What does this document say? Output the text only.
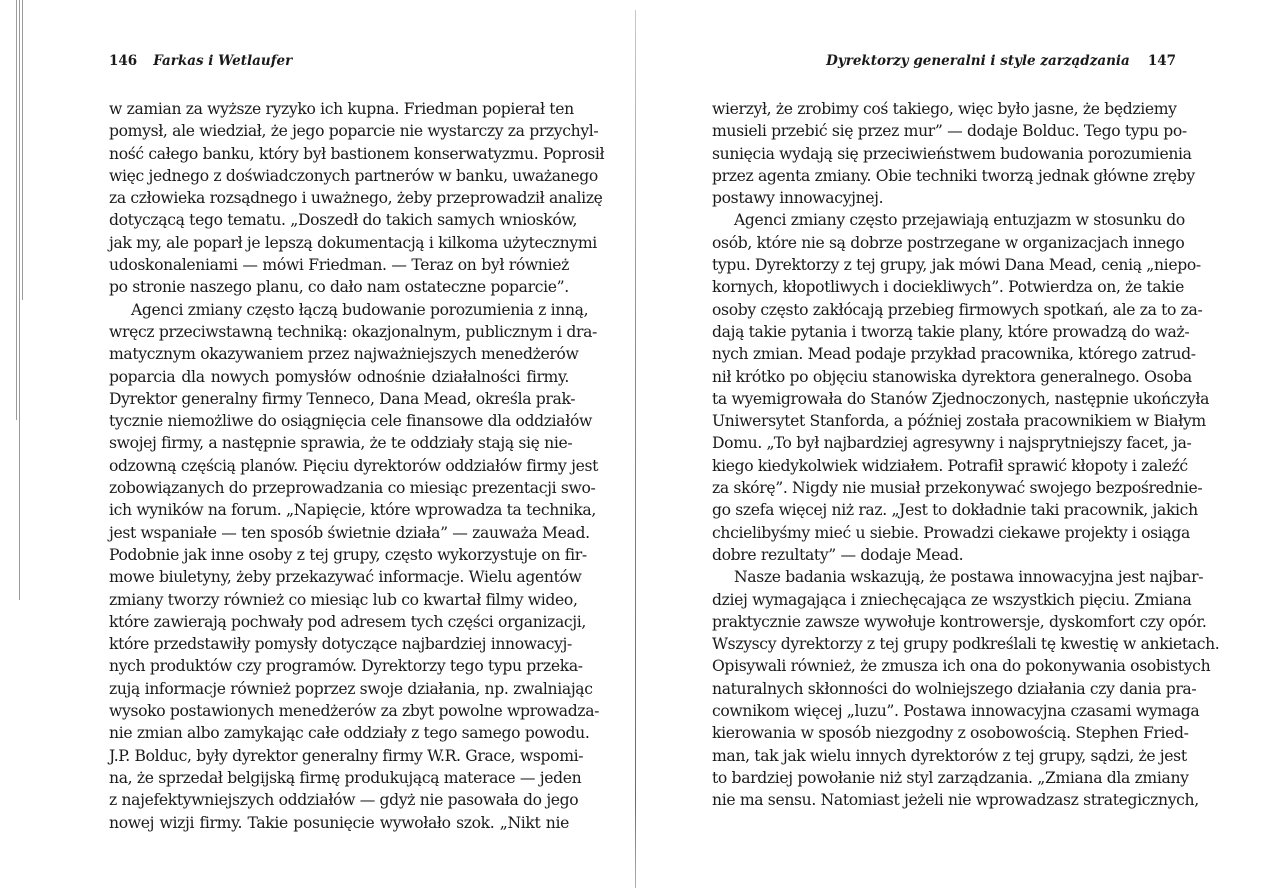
146 Farkas i Wetlaufer
w zamian za wyższe ryzyko ich kupna. Friedman popierał ten
pomysł, ale wiedział, że jego poparcie nie wystarczy za przychyl-
ność całego banku, który był bastionem konserwatyzmu. Poprosił
więc jednego z doświadczonych partnerów w banku, uważanego
za człowieka rozsądnego i uważnego, żeby przeprowadził analizę
dotyczącą tego tematu. „Doszedł do takich samych wniosków,
jak my, ale poparł je lepszą dokumentacją i kilkoma użytecznymi
udoskonaleniami — mówi Friedman. — Teraz on był również
po stronie naszego planu, co dało nam ostateczne poparcie”.
Agenci zmiany często łączą budowanie porozumienia z inną,
wręcz przeciwstawną techniką: okazjonalnym, publicznym i dra-
matycznym okazywaniem przez najważniejszych menedżerów
poparcia dla nowych pomysłów odnośnie działalności firmy.
Dyrektor generalny firmy Tenneco, Dana Mead, określa prak-
tycznie niemożliwe do osiągnięcia cele finansowe dla oddziałów
swojej firmy, a następnie sprawia, że te oddziały stają się nie-
odzowną częścią planów. Pięciu dyrektorów oddziałów firmy jest
zobowiązanych do przeprowadzania co miesiąc prezentacji swo-
ich wyników na forum. „Napięcie, które wprowadza ta technika,
jest wspaniałe — ten sposób świetnie działa” — zauważa Mead.
Podobnie jak inne osoby z tej grupy, często wykorzystuje on fir-
mowe biuletyny, żeby przekazywać informacje. Wielu agentów
zmiany tworzy również co miesiąc lub co kwartał filmy wideo,
które zawierają pochwały pod adresem tych części organizacji,
które przedstawiły pomysły dotyczące najbardziej innowacyj-
nych produktów czy programów. Dyrektorzy tego typu przeka-
zują informacje również poprzez swoje działania, np. zwalniając
wysoko postawionych menedżerów za zbyt powolne wprowadza-
nie zmian albo zamykając całe oddziały z tego samego powodu.
J.P. Bolduc, były dyrektor generalny firmy W.R. Grace, wspomi-
na, że sprzedał belgijską firmę produkującą materace — jeden
z najefektywniejszych oddziałów — gdyż nie pasowała do jego
nowej wizji firmy. Takie posunięcie wywołało szok. „Nikt nie
Dyrektorzy generalni i style zarządzania 147
wierzył, że zrobimy coś takiego, więc było jasne, że będziemy
musieli przebić się przez mur” — dodaje Bolduc. Tego typu po-
sunięcia wydają się przeciwieństwem budowania porozumienia
przez agenta zmiany. Obie techniki tworzą jednak główne zręby
postawy innowacyjnej.
Agenci zmiany często przejawiają entuzjazm w stosunku do
osób, które nie są dobrze postrzegane w organizacjach innego
typu. Dyrektorzy z tej grupy, jak mówi Dana Mead, cenią „niepo-
kornych, kłopotliwych i dociekliwych”. Potwierdza on, że takie
osoby często zakłócają przebieg firmowych spotkań, ale za to za-
dają takie pytania i tworzą takie plany, które prowadzą do waż-
nych zmian. Mead podaje przykład pracownika, którego zatrud-
nił krótko po objęciu stanowiska dyrektora generalnego. Osoba
ta wyemigrowała do Stanów Zjednoczonych, następnie ukończyła
Uniwersytet Stanforda, a później została pracownikiem w Białym
Domu. „To był najbardziej agresywny i najsprytniejszy facet, ja-
kiego kiedykolwiek widziałem. Potrafił sprawić kłopoty i zaleźć
za skórę”. Nigdy nie musiał przekonywać swojego bezpośrednie-
go szefa więcej niż raz. „Jest to dokładnie taki pracownik, jakich
chcielibyśmy mieć u siebie. Prowadzi ciekawe projekty i osiąga
dobre rezultaty” — dodaje Mead.
Nasze badania wskazują, że postawa innowacyjna jest najbar-
dziej wymagająca i zniechęcająca ze wszystkich pięciu. Zmiana
praktycznie zawsze wywołuje kontrowersje, dyskomfort czy opór.
Wszyscy dyrektorzy z tej grupy podkreślali tę kwestię w ankietach.
Opisywali również, że zmusza ich ona do pokonywania osobistych
naturalnych skłonności do wolniejszego działania czy dania pra-
cownikom więcej „luzu”. Postawa innowacyjna czasami wymaga
kierowania w sposób niezgodny z osobowością. Stephen Fried-
man, tak jak wielu innych dyrektorów z tej grupy, sądzi, że jest
to bardziej powołanie niż styl zarządzania. „Zmiana dla zmiany
nie ma sensu. Natomiast jeżeli nie wprowadzasz strategicznych,
